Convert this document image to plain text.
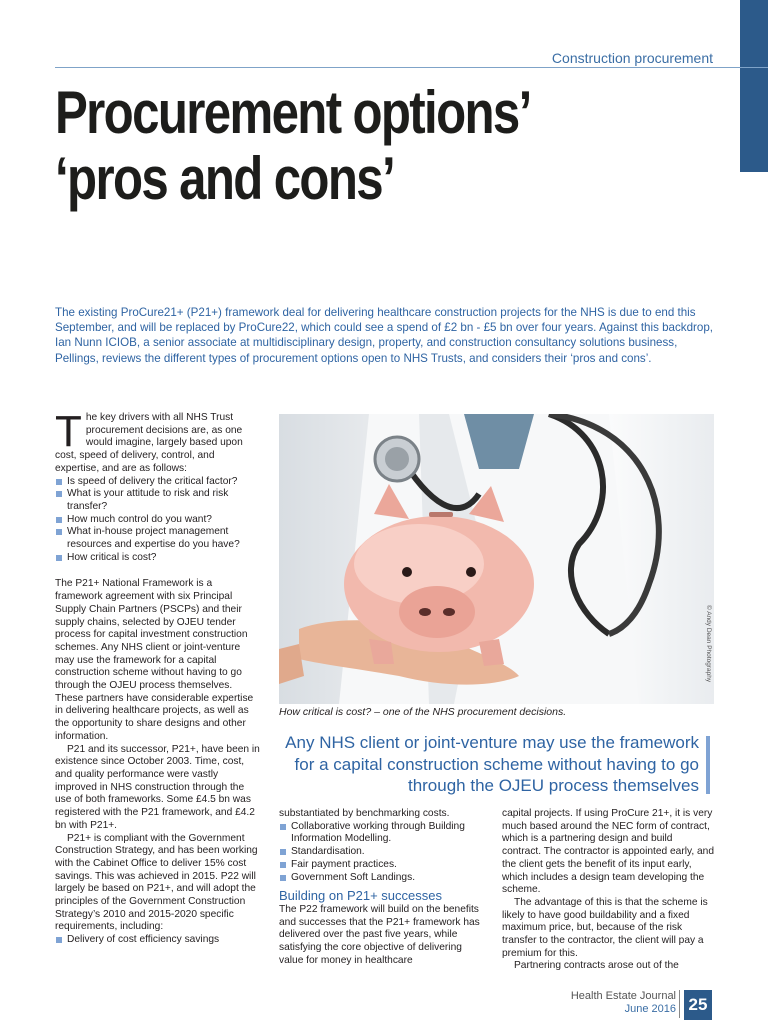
Construction procurement
Procurement options’
‘pros and cons’
The existing ProCure21+ (P21+) framework deal for delivering healthcare construction projects for the NHS is due to end this September, and will be replaced by ProCure22, which could see a spend of £2 bn - £5 bn over four years. Against this backdrop, Ian Nunn ICIOB, a senior associate at multidisciplinary design, property, and construction consultancy solutions business, Pellings, reviews the different types of procurement options open to NHS Trusts, and considers their ‘pros and cons’.

The key drivers with all NHS Trust procurement decisions are, as one would imagine, largely based upon cost, speed of delivery, control, and expertise, and are as follows:

Is speed of delivery the critical factor?
What is your attitude to risk and risk transfer?
How much control do you want?
What in-house project management resources and expertise do you have?
How critical is cost?

The P21+ National Framework is a framework agreement with six Principal Supply Chain Partners (PSCPs) and their supply chains, selected by OJEU tender process for capital investment construction schemes. Any NHS client or joint-venture may use the framework for a capital construction scheme without having to go through the OJEU process themselves. These partners have considerable expertise in delivering healthcare projects, as well as the opportunity to share designs and other information.

P21 and its successor, P21+, have been in existence since October 2003. Time, cost, and quality performance were vastly improved in NHS construction through the use of both frameworks. Some £4.5 bn was registered with the P21 framework, and £4.2 bn with P21+.

P21+ is compliant with the Government Construction Strategy, and has been working with the Cabinet Office to deliver 15% cost savings. This was achieved in 2015. P22 will largely be based on P21+, and will adopt the principles of the Government Construction Strategy’s 2010 and 2015-2020 specific requirements, including:

Delivery of cost efficiency savings
© Andy Dean Photography
How critical is cost? – one of the NHS procurement decisions.
Any NHS client or joint-venture may use the framework for a capital construction scheme without having to go through the OJEU process themselves

substantiated by benchmarking costs.

Collaborative working through Building Information Modelling.
Standardisation.
Fair payment practices.
Government Soft Landings.
Building on P21+ successes

The P22 framework will build on the benefits and successes that the P21+ framework has delivered over the past five years, while satisfying the core objective of delivering value for money in healthcare

capital projects. If using ProCure 21+, it is very much based around the NEC form of contract, which is a partnering design and build contract. The contractor is appointed early, and the client gets the benefit of its input early, which includes a design team developing the scheme.

The advantage of this is that the scheme is likely to have good buildability and a fixed maximum price, but, because of the risk transfer to the contractor, the client will pay a premium for this.

Partnering contracts arose out of the

Health Estate Journal
June 2016 25
